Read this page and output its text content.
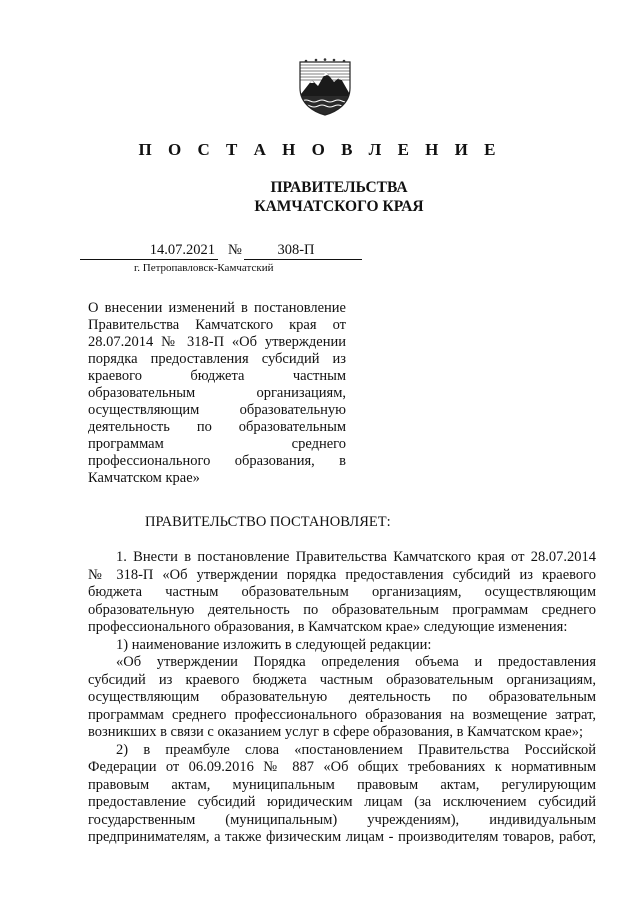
П О С Т А Н О В Л Е Н И Е
ПРАВИТЕЛЬСТВА
КАМЧАТСКОГО КРАЯ
14.07.2021 №	308-П
г. Петропавловск-Камчатский
О внесении изменений в постановление
Правительства Камчатского края от
28.07.2014 № 318-П «Об утверждении
порядка предоставления субсидий из
краевого бюджета частным
образовательным организациям,
осуществляющим образовательную
деятельность по образовательным
программам среднего
профессионального образования, в
Камчатском крае»
ПРАВИТЕЛЬСТВО ПОСТАНОВЛЯЕТ:
1. Внести в постановление Правительства Камчатского края от 28.07.2014
№ 318-П «Об утверждении порядка предоставления субсидий из краевого
бюджета частным образовательным организациям, осуществляющим
образовательную деятельность по образовательным программам среднего
профессионального образования, в Камчатском крае» следующие изменения:
1) наименование изложить в следующей редакции:
«Об утверждении Порядка определения объема и предоставления
субсидий из краевого бюджета частным образовательным организациям,
осуществляющим образовательную деятельность по образовательным
программам среднего профессионального образования на возмещение затрат,
возникших в связи с оказанием услуг в сфере образования, в Камчатском крае»;
2) в преамбуле слова «постановлением Правительства Российской
Федерации от 06.09.2016 № 887 «Об общих требованиях к нормативным
правовым актам, муниципальным правовым актам, регулирующим
предоставление субсидий юридическим лицам (за исключением субсидий
государственным (муниципальным) учреждениям), индивидуальным
предпринимателям, а также физическим лицам - производителям товаров, работ,
